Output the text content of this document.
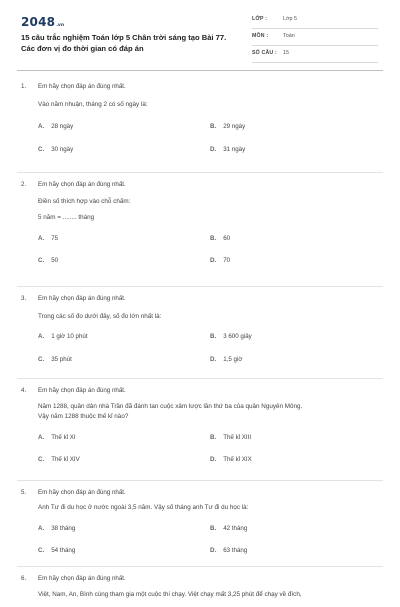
2048 .vn
15 câu trắc nghiệm Toán lớp 5 Chân trời sáng tạo Bài 77. Các đơn vị đo thời gian có đáp án
LỚP :	Lớp 5
MÔN :	Toán
SỐ CÂU : 15
1. Em hãy chọn đáp án đúng nhất.
Vào năm nhuận, tháng 2 có số ngày là:
A. 28 ngày	B. 29 ngày
C. 30 ngày	D. 31 ngày
2. Em hãy chọn đáp án đúng nhất.
Điền số thích hợp vào chỗ chấm:
5 năm = ........ tháng
A. 75	B. 60
C. 50	D. 70
3. Em hãy chọn đáp án đúng nhất.
Trong các số đo dưới đây, số đo lớn nhất là:
A. 1 giờ 10 phút	B. 3 600 giây
C. 35 phút	D. 1,5 giờ
4. Em hãy chọn đáp án đúng nhất.
Năm 1288, quân dân nhà Trần đã đánh tan cuộc xâm lược lần thứ ba của quân Nguyên Mông.
Vậy năm 1288 thuộc thế kỉ nào?
A. Thế kỉ XI	B. Thế kỉ XIII
C. Thế kỉ XIV	D. Thế kỉ XIX
5. Em hãy chọn đáp án đúng nhất.
Anh Tư đi du học ở nước ngoài 3,5 năm. Vậy số tháng anh Tư đi du học là:
A. 38 tháng	B. 42 tháng
C. 54 tháng	D. 63 tháng
6. Em hãy chọn đáp án đúng nhất.
Việt, Nam, An, Bình cùng tham gia một cuộc thi chạy. Việt chạy mất 3,25 phút để chạy về đích,
